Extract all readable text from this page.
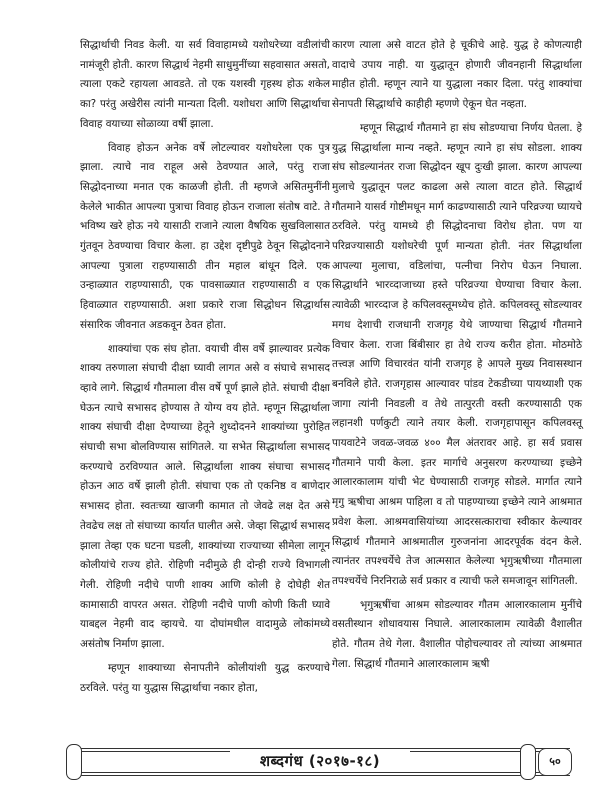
सिद्धार्थाची निवड केली. या सर्व विवाहामध्ये यशोधरेच्या वडीलांची नामंजूरी होती. कारण सिद्धार्थ नेहमी साधुमुनींच्या सहवासात असतो, त्याला एकटे रहायला आवडते. तो एक यशस्वी गृहस्थ होऊ शकेल का? परंतु अखेरीस त्यांनी मान्यता दिली. यशोधरा आणि सिद्धार्थाचा विवाह वयाच्या सोळाव्या वर्षी झाला.

विवाह होऊन अनेक वर्षे लोटल्यावर यशोधरेला एक पुत्र झाला. त्याचे नाव राहूल असे ठेवण्यात आले, परंतु राजा सिद्धोदनाच्या मनात एक काळजी होती. ती म्हणजे असितमुनींनी केलेले भाकीत आपल्या पुत्राचा विवाह होऊन राजाला संतोष वाटे. ते भविष्य खरे होऊ नये यासाठी राजाने त्याला वैषयिक सुखविलासात गुंतवून ठेवण्याचा विचार केला. हा उद्देश दृष्टीपुढे ठेवून सिद्धोदनाने आपल्या पुत्राला राहण्यासाठी तीन महाल बांधून दिले. एक उन्हाळ्यात राहण्यासाठी, एक पावसाळ्यात राहण्यासाठी व एक हिवाळ्यात राहण्यासाठी. अशा प्रकारे राजा सिद्धोधन सिद्धार्थास संसारिक जीवनात अडकवून ठेवत होता.

शाक्यांचा एक संघ होता. वयाची वीस वर्षे झाल्यावर प्रत्येक शाक्य तरुणाला संघाची दीक्षा घ्यावी लागत असे व संघाचे सभासद व्हावे लागे. सिद्धार्थ गौतमाला वीस वर्षे पूर्ण झाले होते. संघाची दीक्षा घेऊन त्याचे सभासद होण्यास ते योग्य वय होते. म्हणून सिद्धार्थाला शाक्य संघाची दीक्षा देण्याच्या हेतूने शुध्दोदनने शाक्यांच्या पुरोहित संघाची सभा बोलविण्यास सांगितले. या सभेत सिद्धार्थाला सभासद करण्याचे ठरविण्यात आले. सिद्धार्थाला शाक्य संघाचा सभासद होऊन आठ वर्षे झाली होती. संघाचा एक तो एकनिष्ठ व बाणेदार सभासद होता. स्वतःच्या खाजगी कामात तो जेवढे लक्ष देत असे तेवढेच लक्ष तो संघाच्या कार्यात घालीत असे. जेव्हा सिद्धार्थ सभासद झाला तेव्हा एक घटना घडली, शाक्यांच्या राज्याच्या सीमेला लागून कोलीयांचे राज्य होते. रोहिणी नदीमुळे ही दोन्ही राज्ये विभागली गेली. रोहिणी नदीचे पाणी शाक्य आणि कोली हे दोघेही शेत कामासाठी वापरत असत. रोहिणी नदीचे पाणी कोणी किती घ्यावे याबद्दल नेहमी वाद व्हायचे. या दोघांमधील वादामुळे लोकांमध्ये असंतोष निर्माण झाला.

म्हणून शाक्याच्या सेनापतीने कोलीयांशी युद्ध करण्याचे ठरविले. परंतु या युद्धास सिद्धार्थाचा नकार होता,

कारण त्याला असे वाटत होते हे चूकीचे आहे. युद्ध हे कोणत्याही वादाचे उपाय नाही. या युद्धातून होणारी जीवनहानी सिद्धार्थाला माहीत होती. म्हणून त्याने या युद्धाला नकार दिला. परंतु शाक्यांचा सेनापती सिद्धार्थाचे काहीही म्हणणे ऐकून घेत नव्हता.

म्हणून सिद्धार्थ गौतमाने हा संघ सोडण्याचा निर्णय घेतला. हे युद्ध सिद्धार्थाला मान्य नव्हते. म्हणून त्याने हा संघ सोडला. शाक्य संघ सोडल्यानंतर राजा सिद्धोदन खूप दुःखी झाला. कारण आपल्या मुलाचे युद्धातून पलट काढला असे त्याला वाटत होते. सिद्धार्थ गौतमाने यासर्व गोष्टीमधून मार्ग काढण्यासाठी त्याने परिव्रज्या घ्यायचे ठरविले. परंतु यामध्ये ही सिद्धोदनाचा विरोध होता. पण या परिव्रज्यासाठी यशोधरेची पूर्ण मान्यता होती. नंतर सिद्धार्थाला आपल्या मुलाचा, वडिलांचा, पत्नीचा निरोप घेऊन निघाला. सिद्धार्थाने भारव्दाजाच्या हस्ते परिव्रज्या घेण्याचा विचार केला. त्यावेळी भारव्दाज हे कपिलवस्तूमध्येच होते. कपिलवस्तू सोडल्यावर मगध देशाची राजधानी राजगृह येथे जाण्याचा सिद्धार्थ गौतमाने विचार केला. राजा बिंबीसार हा तेथे राज्य करीत होता. मोठमोठे तत्त्वज्ञ आणि विचारवंत यांनी राजगृह हे आपले मुख्य निवासस्थान बनविले होते. राजगृहास आल्यावर पांडव टेकडीच्या पायथ्याशी एक जागा त्यांनी निवडली व तेथे तात्पुरती वस्ती करण्यासाठी एक लहानशी पर्णकुटी त्याने तयार केली. राजगृहापासून कपिलवस्तू पायवाटेने जवळ-जवळ ४०० मैल अंतरावर आहे. हा सर्व प्रवास गौतमाने पायी केला. इतर मार्गाचे अनुसरण करण्याच्या इच्छेने आलारकालाम यांची भेट घेण्यासाठी राजगृह सोडले. मार्गात त्याने मृगु ऋषीचा आश्रम पाहिला व तो पाहण्याच्या इच्छेने त्याने आश्रमात प्रवेश केला. आश्रमवासियांच्या आदरसत्काराचा स्वीकार केल्यावर सिद्धार्थ गौतमाने आश्रमातील गुरुजनांना आदरपूर्वक वंदन केले. त्यानंतर तपश्चर्येचे तेज आत्मसात केलेल्या भृगुऋषीच्या गौतमाला तपश्चर्येचे निरनिराळे सर्व प्रकार व त्याची फले समजावून सांगितली.

भृगुऋषींचा आश्रम सोडल्यावर गौतम आलारकालाम मुनींचे वसतीस्थान शोधावयास निघाले. आलारकालाम त्यावेळी वैशालीत होते. गौतम तेथे गेला. वैशालीत पोहोचल्यावर तो त्यांच्या आश्रमात गेला. सिद्धार्थ गौतमाने आलारकालाम ऋषी

शब्दगंध (२०१७-१८)	५०
